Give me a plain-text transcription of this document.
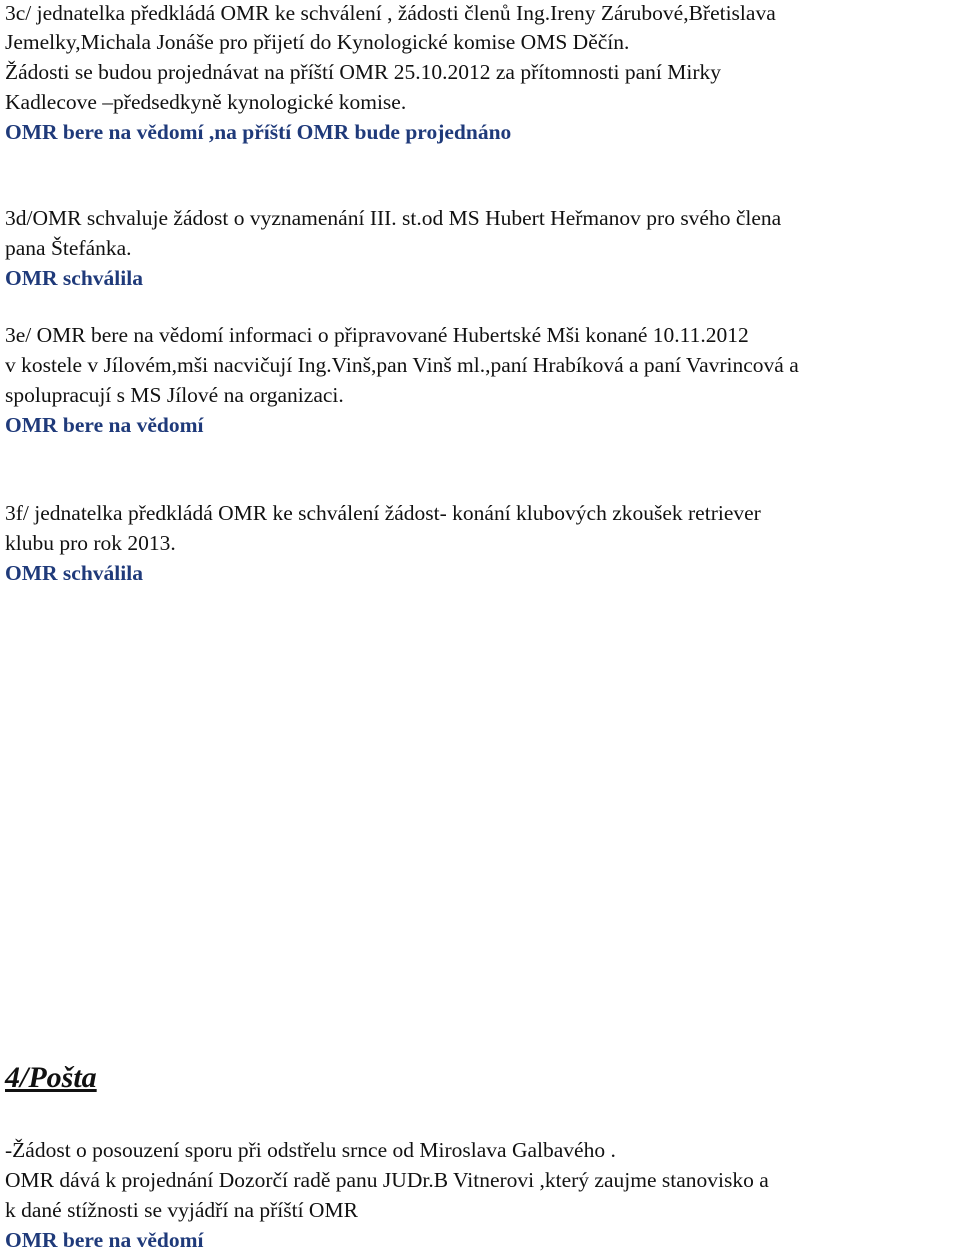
3c/ jednatelka předkládá OMR ke schválení , žádosti členů Ing.Ireny Zárubové,Břetislava
Jemelky,Michala Jonáše pro přijetí do Kynologické komise OMS Děčín.
Žádosti se budou projednávat na příští OMR 25.10.2012 za přítomnosti paní Mirky
Kadlecove –předsedkyně kynologické komise.
OMR bere na vědomí ,na příští OMR bude projednáno
3d/OMR schvaluje žádost o vyznamenání III. st.od MS Hubert Heřmanov pro svého člena
pana Štefánka.
OMR schválila
3e/ OMR bere na vědomí informaci o připravované Hubertské Mši konané 10.11.2012
v kostele v Jílovém,mši nacvičují Ing.Vinš,pan Vinš ml.,paní Hrabíková a paní Vavrincová a
spolupracují s MS Jílové na organizaci.
OMR bere na vědomí
3f/ jednatelka předkládá OMR ke schválení žádost- konání klubových zkoušek retriever
klubu pro rok 2013.
OMR schválila
4/Pošta
-Žádost o posouzení sporu při odstřelu srnce od Miroslava Galbavého .
OMR dává k projednání Dozorčí radě panu JUDr.B Vitnerovi ,který zaujme stanovisko a
k dané stížnosti se vyjádří na příští OMR
OMR bere na vědomí
